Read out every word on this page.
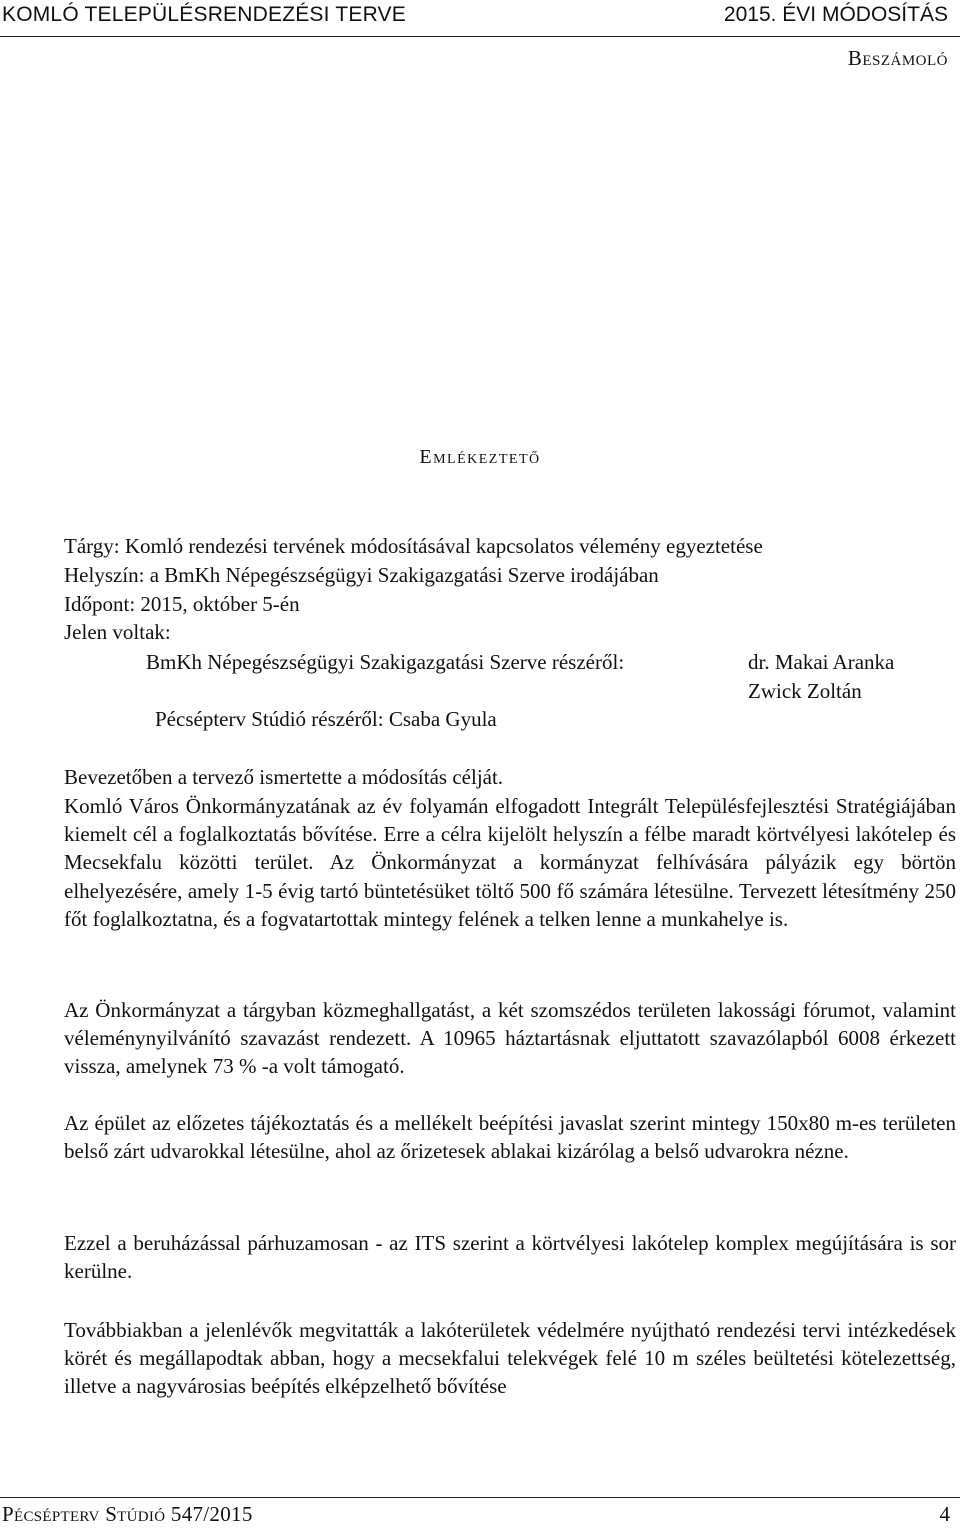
KOMLÓ TELEPÜLÉSRENDEZÉSI TERVE	2015. ÉVI MÓDOSÍTÁS
Beszámoló
Emlékeztető
Tárgy: Komló rendezési tervének módosításával kapcsolatos vélemény egyeztetése
Helyszín: a BmKh Népegészségügyi Szakigazgatási Szerve irodájában
Időpont: 2015, október 5-én
Jelen voltak:
BmKh Népegészségügyi Szakigazgatási Szerve részéről:	dr. Makai Aranka
Zwick Zoltán
Pécsépterv Stúdió részéről: Csaba Gyula
Bevezetőben a tervező ismertette a módosítás célját.
Komló Város Önkormányzatának az év folyamán elfogadott Integrált Településfejlesztési Stratégiájában kiemelt cél a foglalkoztatás bővítése. Erre a célra kijelölt helyszín a félbe maradt körtvélyesi lakótelep és Mecsekfalu közötti terület. Az Önkormányzat a kormányzat felhívására pályázik egy börtön elhelyezésére, amely 1-5 évig tartó büntetésüket töltő 500 fő számára létesülne. Tervezett létesítmény 250 főt foglalkoztatna, és a fogvatartottak mintegy felének a telken lenne a munkahelye is.
Az Önkormányzat a tárgyban közmeghallgatást, a két szomszédos területen lakossági fórumot, valamint véleménynyilvánító szavazást rendezett. A 10965 háztartásnak eljuttatott szavazólapból 6008 érkezett vissza, amelynek 73 % -a volt támogató.
Az épület az előzetes tájékoztatás és a mellékelt beépítési javaslat szerint mintegy 150x80 m-es területen belső zárt udvarokkal létesülne, ahol az őrizetesek ablakai kizárólag a belső udvarokra nézne.
Ezzel a beruházással párhuzamosan - az ITS szerint a körtvélyesi lakótelep komplex megújítására is sor kerülne.
Továbbiakban a jelenlévők megvitatták a lakóterületek védelmére nyújtható rendezési tervi intézkedések körét és megállapodtak abban, hogy a mecsekfalui telekvégek felé 10 m széles beültetési kötelezettség, illetve a nagyvárosias beépítés elképzelhető bővítése
Pécsépterv Stúdió 547/2015	4
